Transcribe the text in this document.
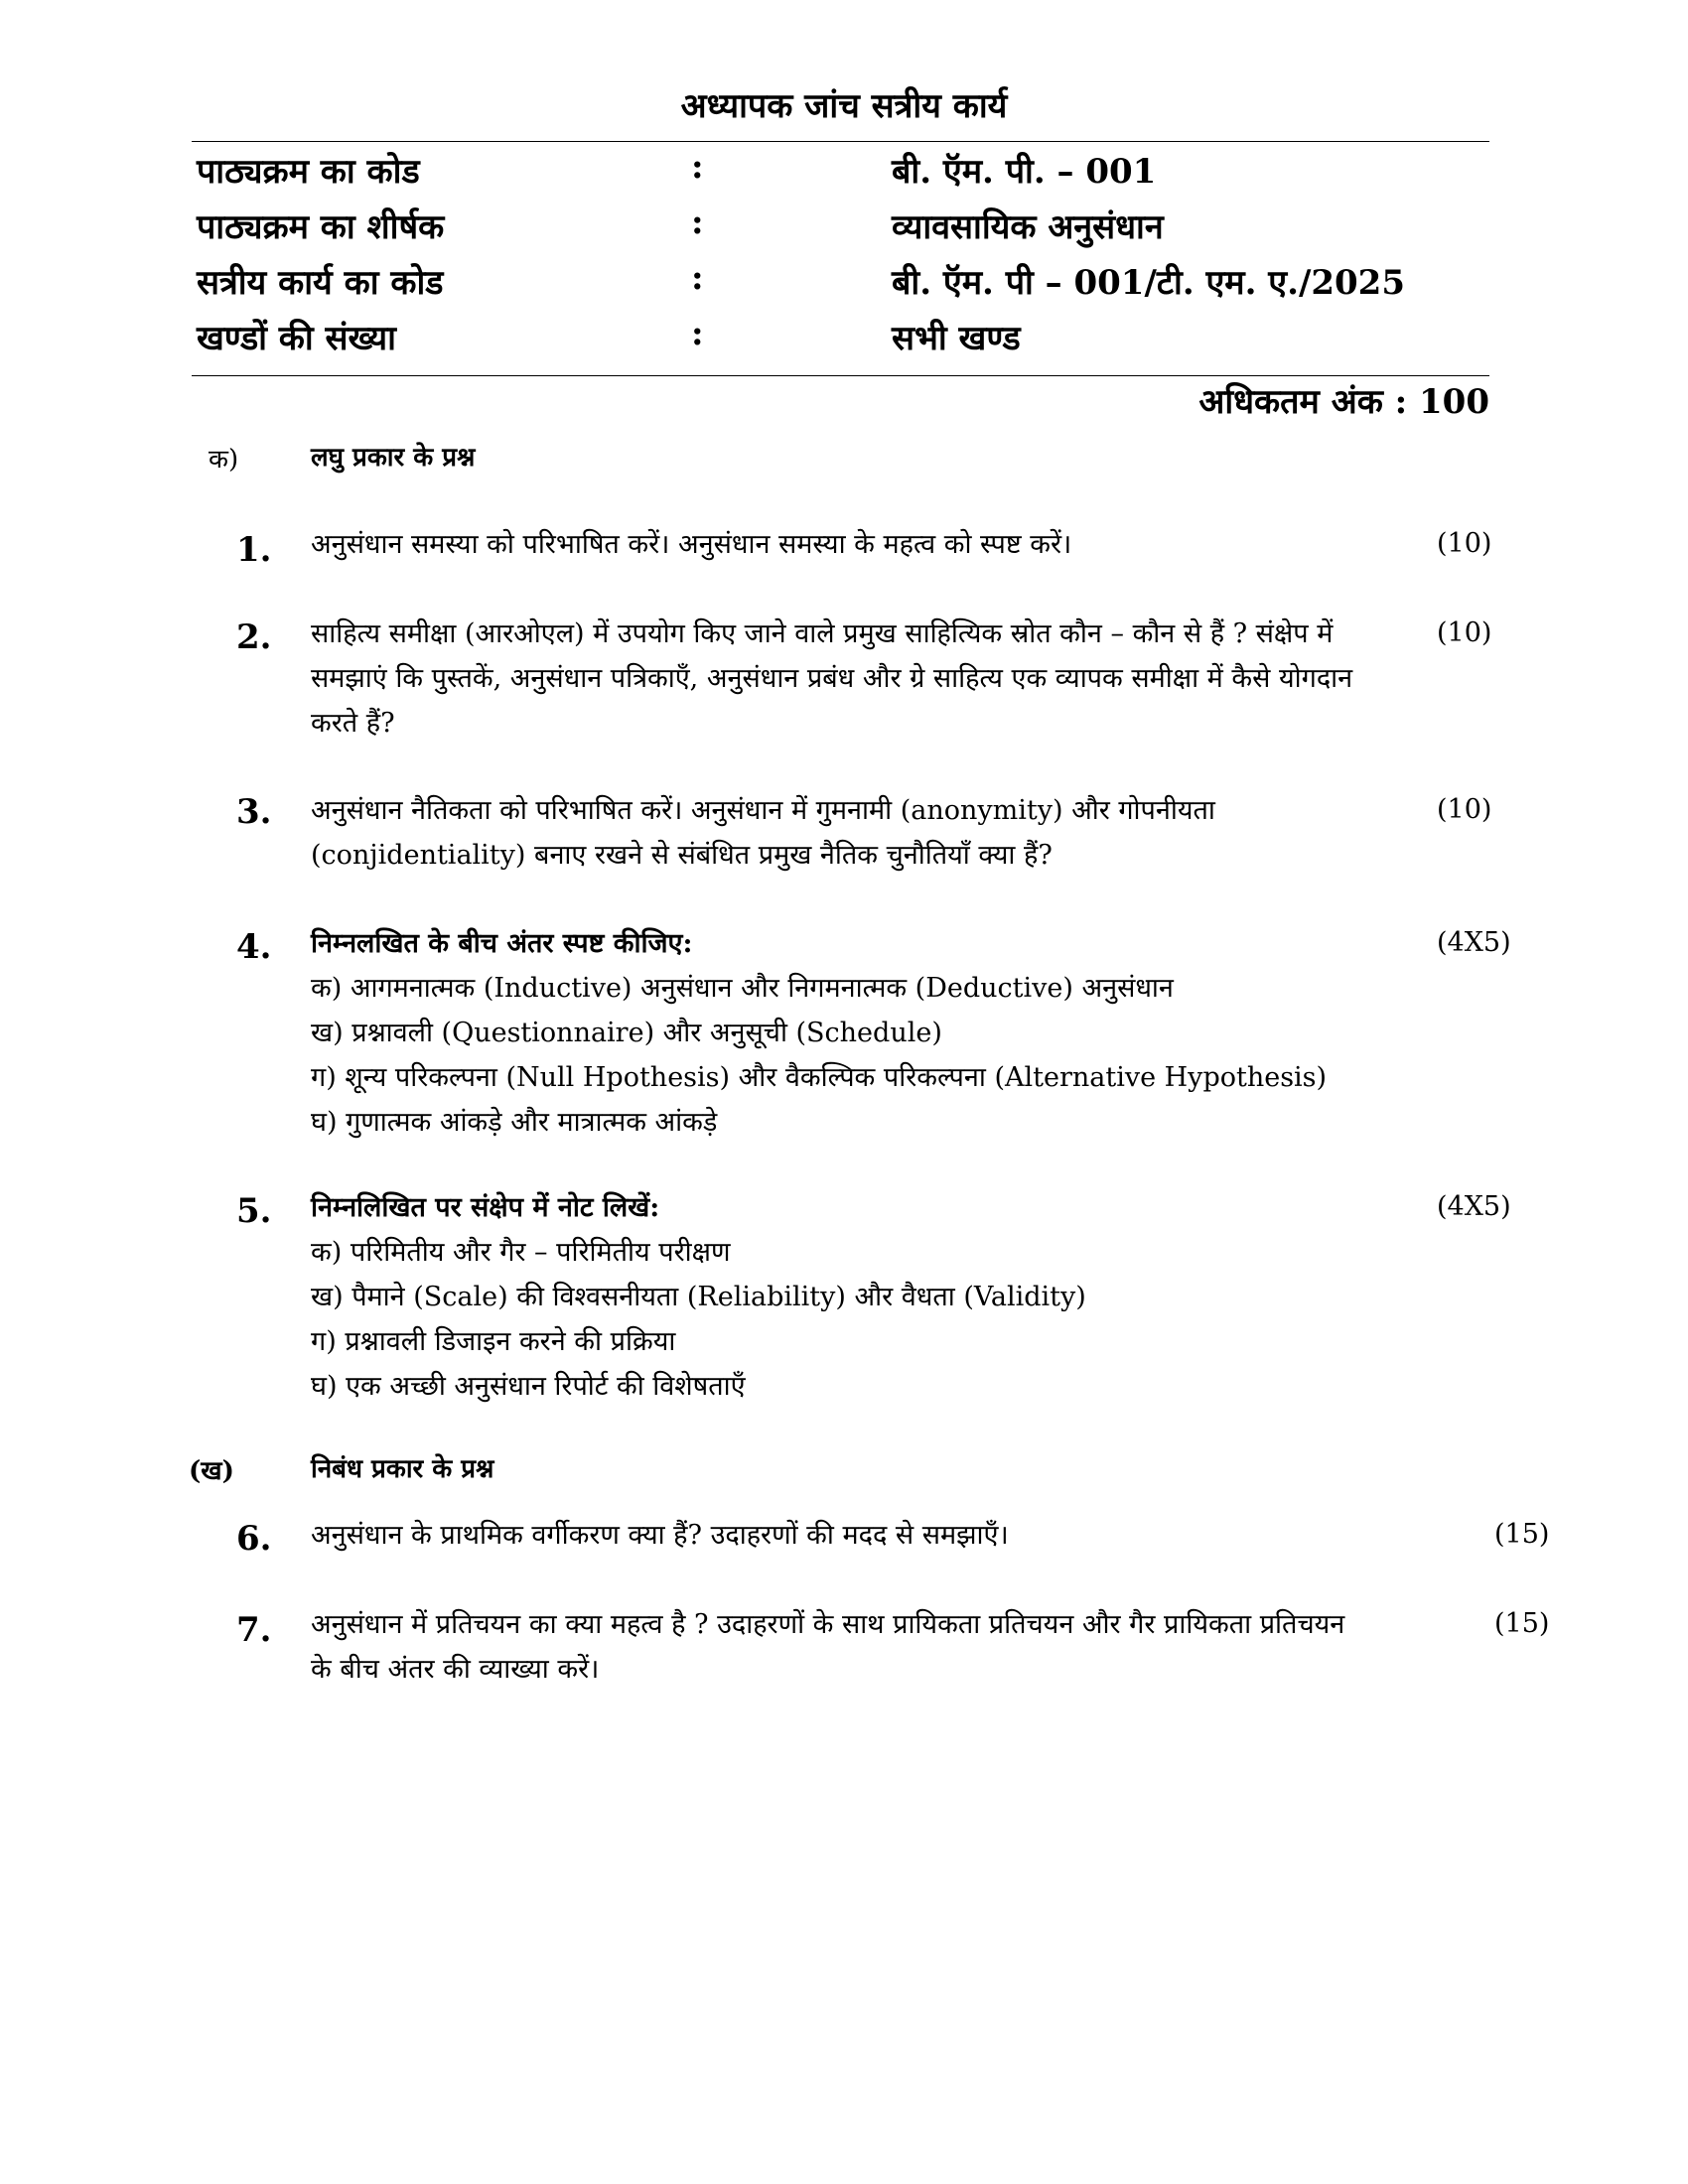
अध्यापक जांच सत्रीय कार्य
पाठ्यक्रम का कोड	:	बी. ऍम. पी. – 001
पाठ्यक्रम का शीर्षक	:	व्यावसायिक अनुसंधान
सत्रीय कार्य का कोड	:	बी. ऍम. पी – 001/टी. एम. ए./2025
खण्डों की संख्या	:	सभी खण्ड
अधिकतम अंक : 100
क)	लघु प्रकार के प्रश्न
1. अनुसंधान समस्या को परिभाषित करें। अनुसंधान समस्या के महत्व को स्पष्ट करें।	(10)
2. साहित्य समीक्षा (आरओएल) में उपयोग किए जाने वाले प्रमुख साहित्यिक स्रोत कौन – कौन से हैं ? संक्षेप में
समझाएं कि पुस्तकें, अनुसंधान पत्रिकाएँ, अनुसंधान प्रबंध और ग्रे साहित्य एक व्यापक समीक्षा में कैसे योगदान
करते हैं?
(10)
3. अनुसंधान नैतिकता को परिभाषित करें। अनुसंधान में गुमनामी (anonymity) और गोपनीयता
(conjidentiality) बनाए रखने से संबंधित प्रमुख नैतिक चुनौतियाँ क्या हैं?
(10)
4. निम्नलखित के बीच अंतर स्पष्ट कीजिए:
क) आगमनात्मक (Inductive) अनुसंधान और निगमनात्मक (Deductive) अनुसंधान
ख) प्रश्नावली (Questionnaire) और अनुसूची (Schedule)
ग) शून्य परिकल्पना (Null Hpothesis) और वैकल्पिक परिकल्पना (Alternative Hypothesis)
घ) गुणात्मक आंकड़े और मात्रात्मक आंकड़े
(4X5)
5. निम्नलिखित पर संक्षेप में नोट लिखें:
क) परिमितीय और गैर – परिमितीय परीक्षण
ख) पैमाने (Scale) की विश्वसनीयता (Reliability) और वैधता (Validity)
ग) प्रश्नावली डिजाइन करने की प्रक्रिया
घ) एक अच्छी अनुसंधान रिपोर्ट की विशेषताएँ
(4X5)
(ख)	निबंध प्रकार के प्रश्न
6. अनुसंधान के प्राथमिक वर्गीकरण क्या हैं? उदाहरणों की मदद से समझाएँ।	(15)
7. अनुसंधान में प्रतिचयन का क्या महत्व है ? उदाहरणों के साथ प्रायिकता प्रतिचयन और गैर प्रायिकता प्रतिचयन
के बीच अंतर की व्याख्या करें।
(15)
